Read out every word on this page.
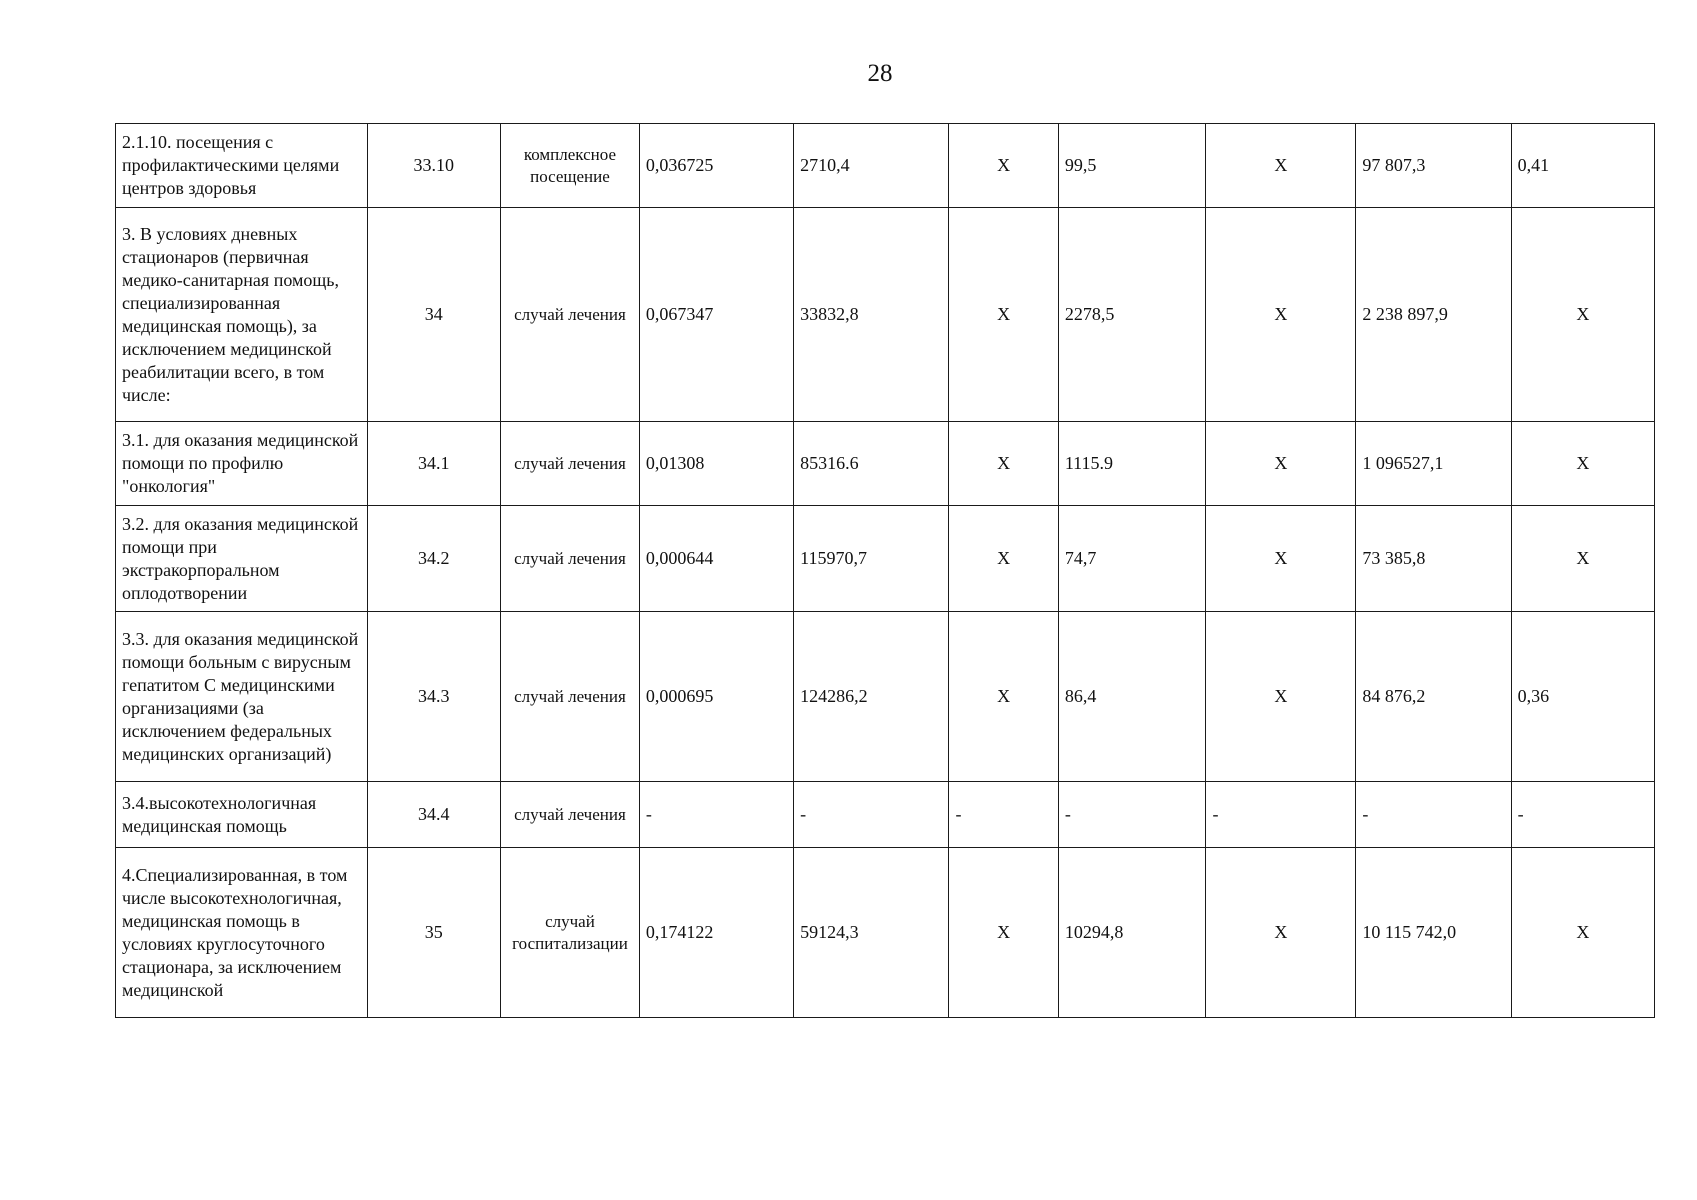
28
2.1.10. посещения с профилактическими целями центров здоровья	33.10	комплексное посещение	0,036725	2710,4	Х	99,5	Х	97 807,3	0,41
3. В условиях дневных стационаров (первичная медико-санитарная помощь, специализированная медицинская помощь), за исключением медицинской реабилитации всего, в том числе:	34	случай лечения	0,067347	33832,8	Х	2278,5	Х	2 238 897,9	Х
3.1. для оказания медицинской помощи по профилю "онкология"	34.1	случай лечения	0,01308	85316.6	Х	1115.9	Х	1 096527,1	Х
3.2. для оказания медицинской помощи при экстракорпоральном оплодотворении	34.2	случай лечения	0,000644	115970,7	Х	74,7	Х	73 385,8	Х
3.3. для оказания медицинской помощи больным с вирусным гепатитом С медицинскими организациями (за исключением федеральных медицинских организаций)	34.3	случай лечения	0,000695	124286,2	Х	86,4	Х	84 876,2	0,36
3.4.высокотехнологичная медицинская помощь	34.4	случай лечения	-	-	-	-	-	-	-
4.Специализированная, в том числе высокотехнологичная, медицинская помощь в условиях круглосуточного стационара, за исключением медицинской	35	случай госпитализации	0,174122	59124,3	Х	10294,8	Х	10 115 742,0	Х
